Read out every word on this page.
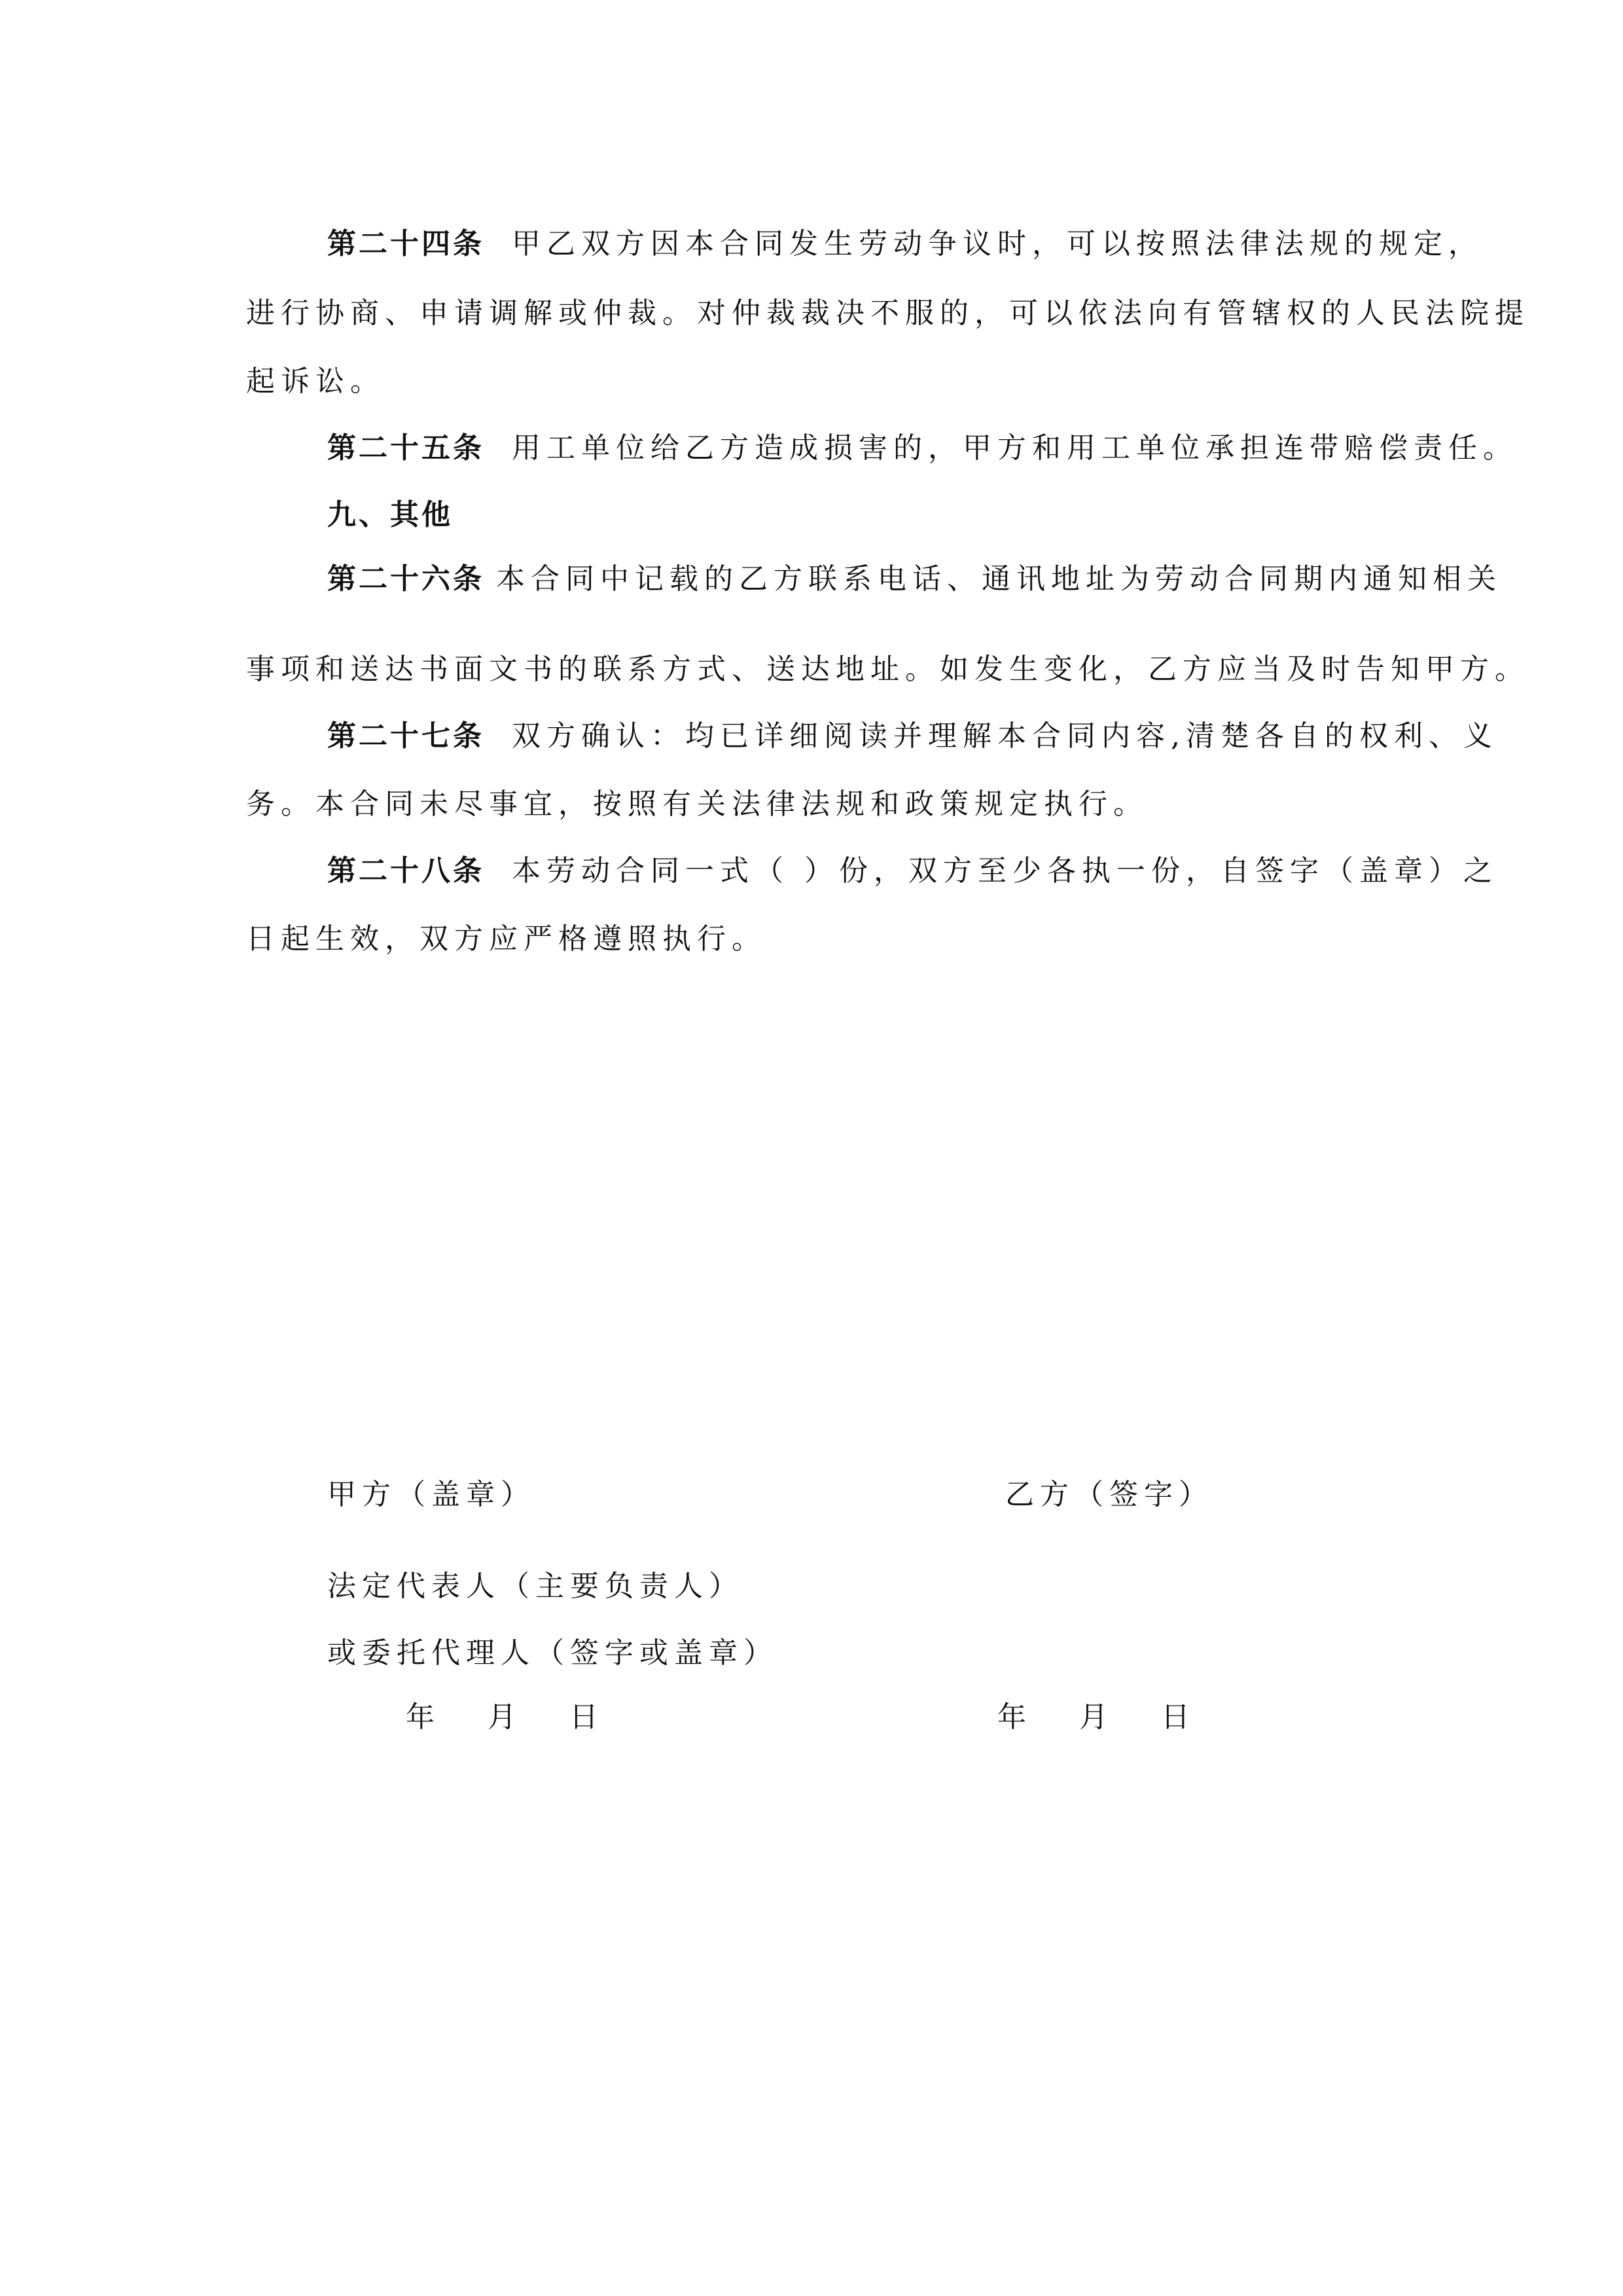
第二十四条 甲乙双方因本合同发生劳动争议时，可以按照法律法规的规定，
进行协商、申请调解或仲裁。对仲裁裁决不服的，可以依法向有管辖权的人民法院提
起诉讼。
第二十五条 用工单位给乙方造成损害的，甲方和用工单位承担连带赔偿责任。
九、其他
第二十六条 本合同中记载的乙方联系电话、通讯地址为劳动合同期内通知相关
事项和送达书面文书的联系方式、送达地址。如发生变化，乙方应当及时告知甲方。
第二十七条 双方确认：均已详细阅读并理解本合同内容,清楚各自的权利、义
务。本合同未尽事宜，按照有关法律法规和政策规定执行。
第二十八条 本劳动合同一式（ ）份，双方至少各执一份，自签字（盖章）之
日起生效，双方应严格遵照执行。
甲方（盖章）	乙方（签字）
法定代表人（主要负责人）
或委托代理人（签字或盖章）
年 月 日	年 月 日
